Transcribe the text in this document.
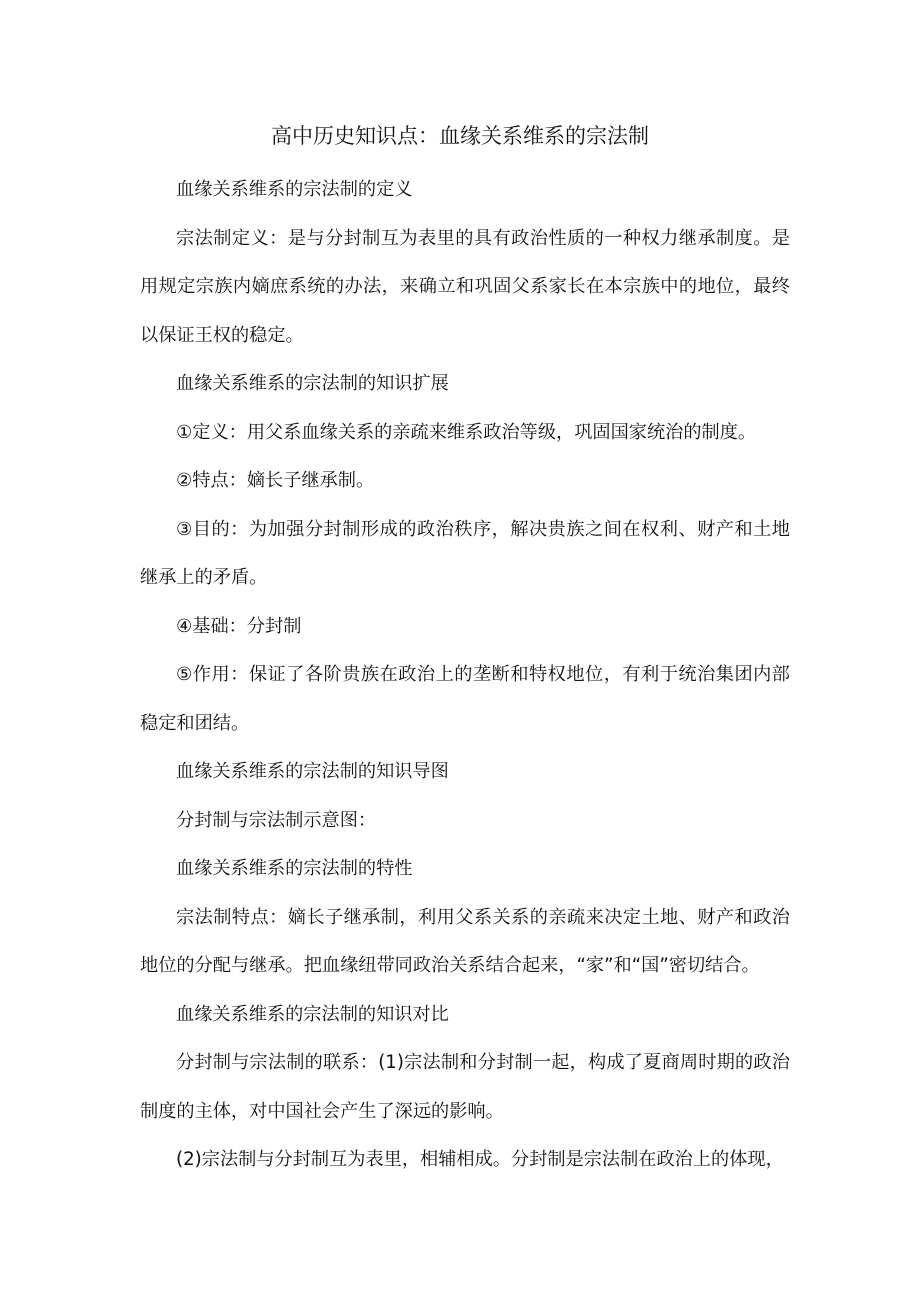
高中历史知识点：血缘关系维系的宗法制

血缘关系维系的宗法制的定义

宗法制定义：是与分封制互为表里的具有政治性质的一种权力继承制度。是用规定宗族内嫡庶系统的办法，来确立和巩固父系家长在本宗族中的地位，最终以保证王权的稳定。

血缘关系维系的宗法制的知识扩展

①定义：用父系血缘关系的亲疏来维系政治等级，巩固国家统治的制度。

②特点：嫡长子继承制。

③目的：为加强分封制形成的政治秩序，解决贵族之间在权利、财产和土地继承上的矛盾。

④基础：分封制

⑤作用：保证了各阶贵族在政治上的垄断和特权地位，有利于统治集团内部稳定和团结。

血缘关系维系的宗法制的知识导图

分封制与宗法制示意图：

血缘关系维系的宗法制的特性

宗法制特点：嫡长子继承制，利用父系关系的亲疏来决定土地、财产和政治地位的分配与继承。把血缘纽带同政治关系结合起来，“家”和“国”密切结合。

血缘关系维系的宗法制的知识对比

分封制与宗法制的联系：(1)宗法制和分封制一起，构成了夏商周时期的政治制度的主体，对中国社会产生了深远的影响。

(2)宗法制与分封制互为表里，相辅相成。分封制是宗法制在政治上的体现，
